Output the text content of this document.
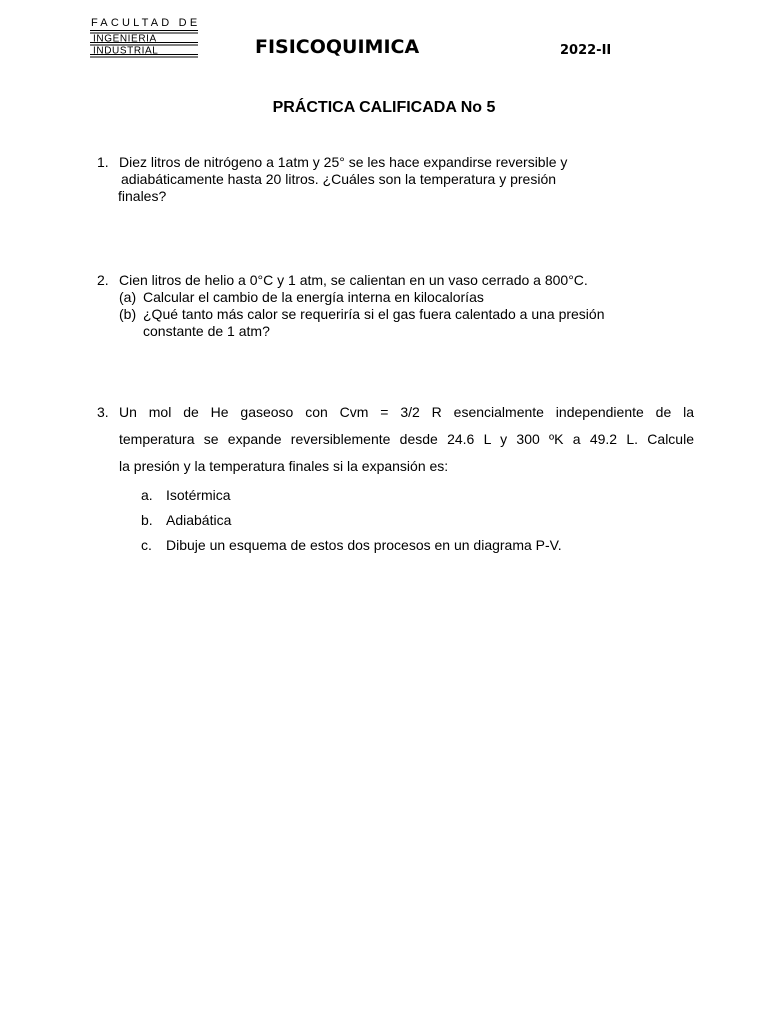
FACULTAD DE
INGENIERIA
INDUSTRIAL	FISICOQUIMICA	2022-II
PRÁCTICA CALIFICADA No 5
1. Diez litros de nitrógeno a 1atm y 25° se les hace expandirse reversible y
adiabáticamente hasta 20 litros. ¿Cuáles son la temperatura y presión
finales?
2. Cien litros de helio a 0°C y 1 atm, se calientan en un vaso cerrado a 800°C.
(a) Calcular el cambio de la energía interna en kilocalorías
(b) ¿Qué tanto más calor se requeriría si el gas fuera calentado a una presión
constante de 1 atm?
3. Un mol de He gaseoso con Cvm = 3/2 R esencialmente independiente de la
temperatura se expande reversiblemente desde 24.6 L y 300 ºK a 49.2 L. Calcule
la presión y la temperatura finales si la expansión es:
a. Isotérmica
b. Adiabática
c. Dibuje un esquema de estos dos procesos en un diagrama P-V.
